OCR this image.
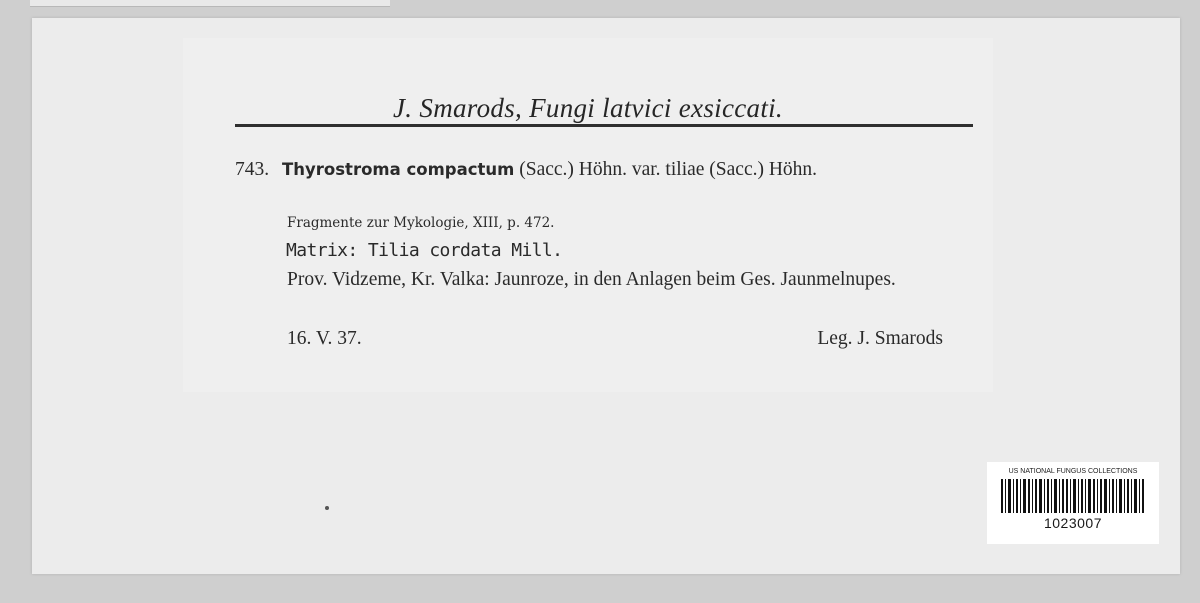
J. Smarods, Fungi latvici exsiccati.
743. Thyrostroma compactum (Sacc.) Höhn. var. tiliae (Sacc.) Höhn.
Fragmente zur Mykologie, XIII, p. 472.
Matrix: Tilia cordata Mill.
Prov. Vidzeme, Kr. Valka: Jaunroze, in den Anlagen beim Ges. Jaunmelnupes.
16. V. 37.	Leg. J. Smarods
US NATIONAL FUNGUS COLLECTIONS
1023007
